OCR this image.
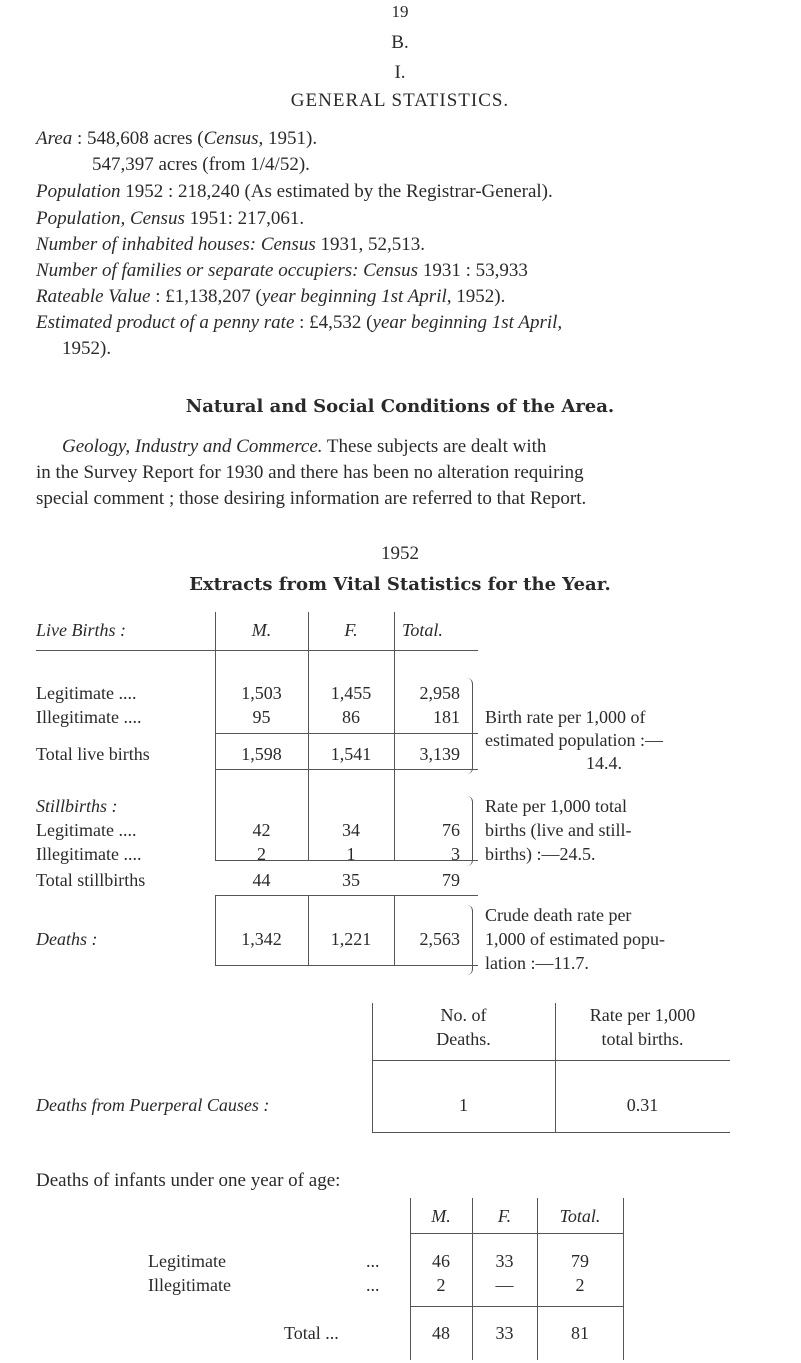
19
B.
I.
GENERAL STATISTICS.
Area : 548,608 acres (Census, 1951).
547,397 acres (from 1/4/52).
Population 1952 : 218,240 (As estimated by the Registrar-General).
Population, Census 1951: 217,061.
Number of inhabited houses: Census 1931, 52,513.
Number of families or separate occupiers: Census 1931 : 53,933
Rateable Value : £1,138,207 (year beginning 1st April, 1952).
Estimated product of a penny rate : £4,532 (year beginning 1st April,
1952).
Natural and Social Conditions of the Area.
Geology, Industry and Commerce. These subjects are dealt with
in the Survey Report for 1930 and there has been no alteration requiring
special comment ; those desiring information are referred to that Report.
1952
Extracts from Vital Statistics for the Year.
Live Births :	M.	F.	Total.
Legitimate ....	1,503	1,455	2,958
Illegitimate ....	95	86	181
Total live births	1,598	1,541	3,139
Birth rate per 1,000 of
estimated population :—
14.4.
Stillbirths :
Legitimate ....	42	34	76
Illegitimate ....	2	1	3
Rate per 1,000 total
births (live and still-
births) :—24.5.
Total stillbirths	44	35	79
Deaths :	1,342	1,221	2,563
Crude death rate per
1,000 of estimated popu-
lation :—11.7.
No. of
Deaths.
Rate per 1,000
total births.
Deaths from Puerperal Causes :	1	0.31
Deaths of infants under one year of age:
M.	F.	Total.
Legitimate	...	46	33	79
Illegitimate	...	2	—	2
Total ...	48	33	81
